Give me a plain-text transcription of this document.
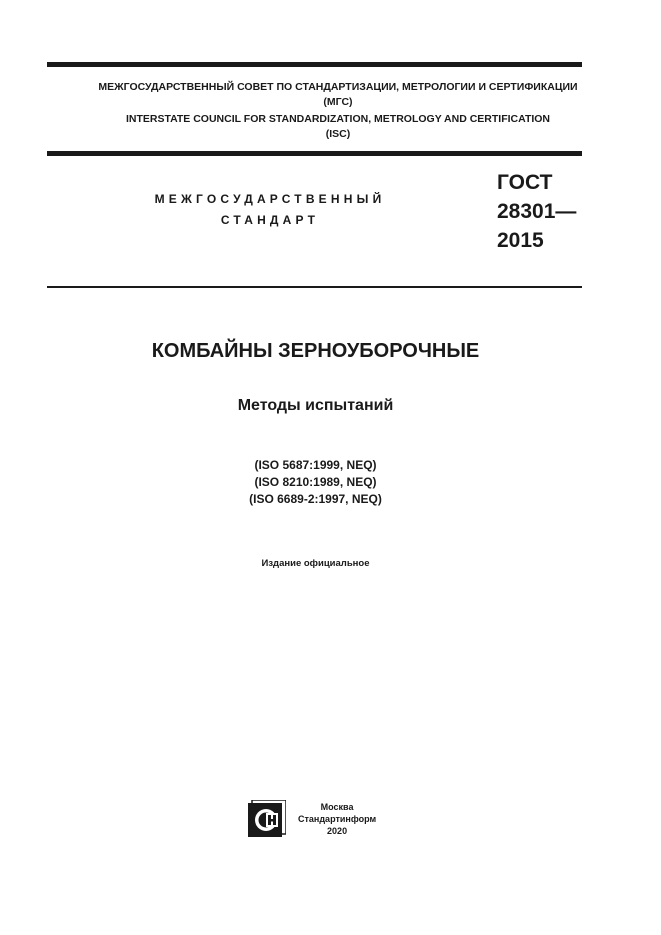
МЕЖГОСУДАРСТВЕННЫЙ СОВЕТ ПО СТАНДАРТИЗАЦИИ, МЕТРОЛОГИИ И СЕРТИФИКАЦИИ
(МГС)
INTERSTATE COUNCIL FOR STANDARDIZATION, METROLOGY AND CERTIFICATION
(ISC)
МЕЖГОСУДАРСТВЕННЫЙ
СТАНДАРТ
ГОСТ
28301—
2015
КОМБАЙНЫ ЗЕРНОУБОРОЧНЫЕ
Методы испытаний
(ISO 5687:1999, NEQ)
(ISO 8210:1989, NEQ)
(ISO 6689-2:1997, NEQ)
Издание официальное
Москва
Стандартинформ
2020
